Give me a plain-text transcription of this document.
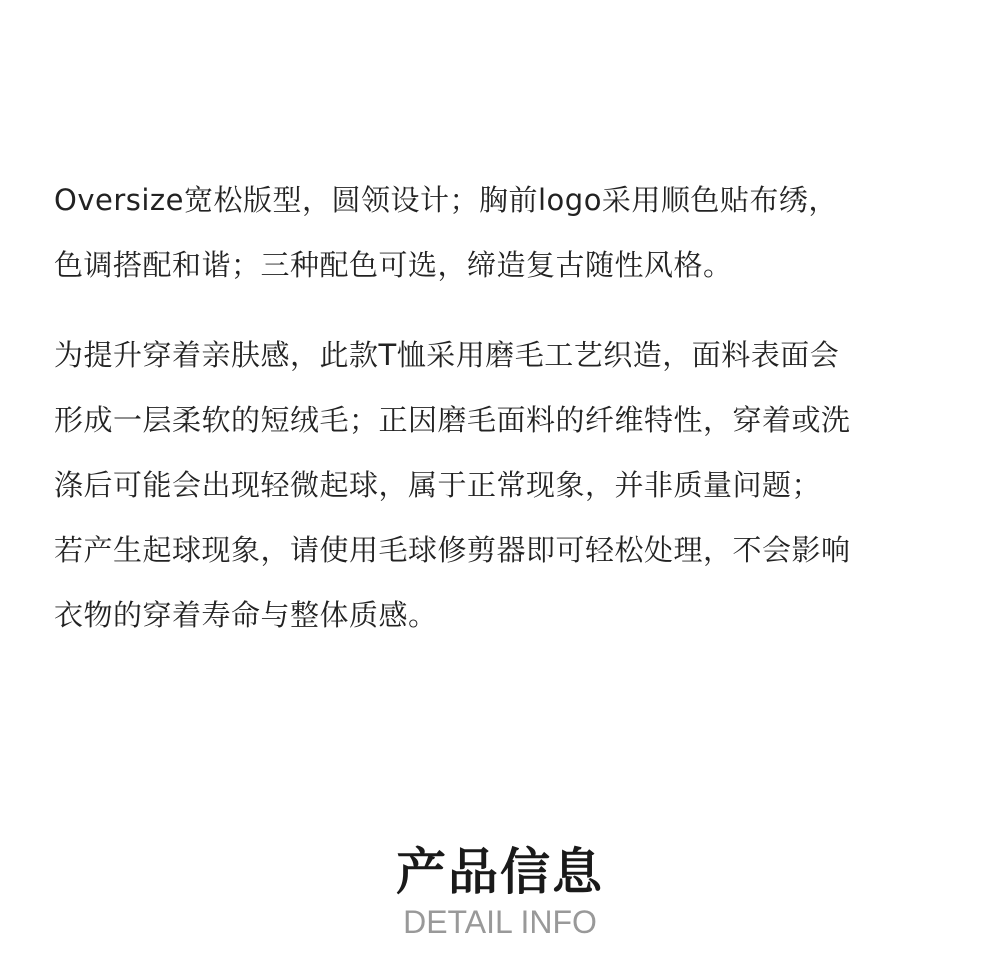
Oversize宽松版型，圆领设计；胸前logo采用顺色贴布绣，
色调搭配和谐；三种配色可选，缔造复古随性风格。
为提升穿着亲肤感，此款T恤采用磨毛工艺织造，面料表面会
形成一层柔软的短绒毛；正因磨毛面料的纤维特性，穿着或洗
涤后可能会出现轻微起球，属于正常现象，并非质量问题；
若产生起球现象，请使用毛球修剪器即可轻松处理，不会影响
衣物的穿着寿命与整体质感。
产品信息
DETAIL INFO
